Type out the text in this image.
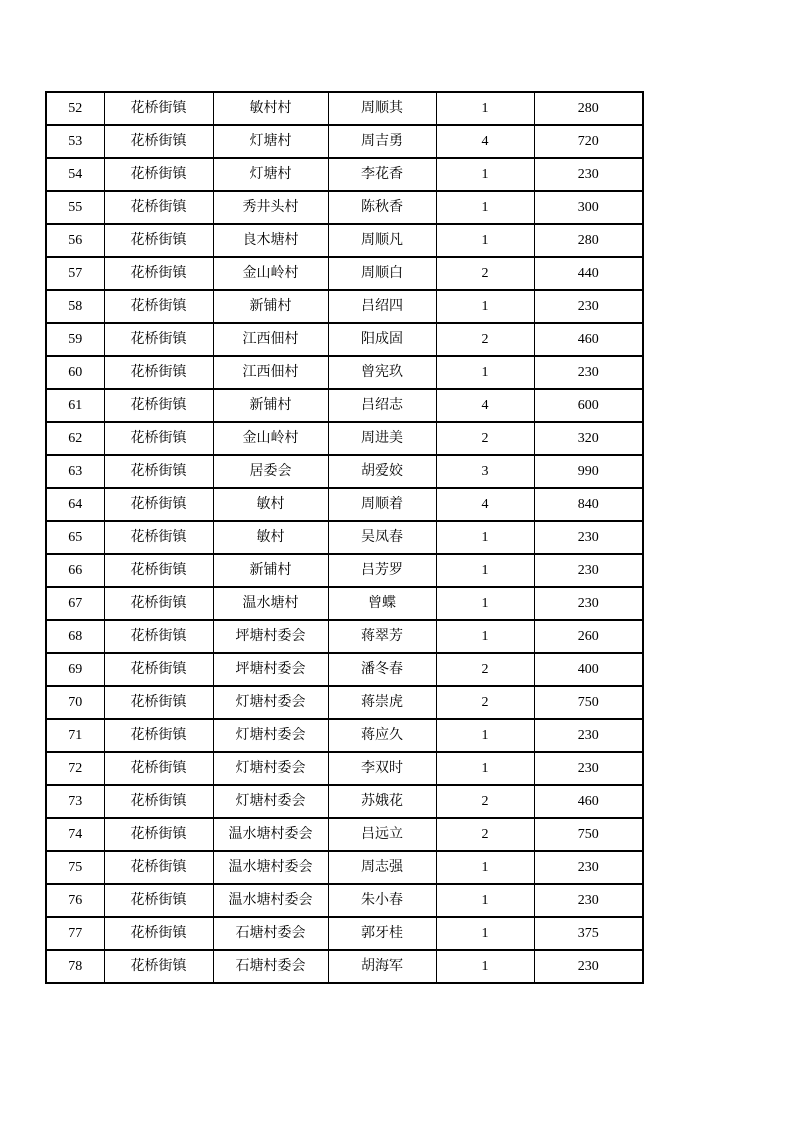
52	花桥街镇	敏村村	周顺其	1	280
53	花桥街镇	灯塘村	周吉勇	4	720
54	花桥街镇	灯塘村	李花香	1	230
55	花桥街镇	秀井头村	陈秋香	1	300
56	花桥街镇	良木塘村	周顺凡	1	280
57	花桥街镇	金山岭村	周顺白	2	440
58	花桥街镇	新铺村	吕绍四	1	230
59	花桥街镇	江西佃村	阳成固	2	460
60	花桥街镇	江西佃村	曾宪玖	1	230
61	花桥街镇	新铺村	吕绍志	4	600
62	花桥街镇	金山岭村	周进美	2	320
63	花桥街镇	居委会	胡爱姣	3	990
64	花桥街镇	敏村	周顺着	4	840
65	花桥街镇	敏村	吴凤春	1	230
66	花桥街镇	新铺村	吕芳罗	1	230
67	花桥街镇	温水塘村	曾蝶	1	230
68	花桥街镇	坪塘村委会	蒋翠芳	1	260
69	花桥街镇	坪塘村委会	潘冬春	2	400
70	花桥街镇	灯塘村委会	蒋崇虎	2	750
71	花桥街镇	灯塘村委会	蒋应久	1	230
72	花桥街镇	灯塘村委会	李双时	1	230
73	花桥街镇	灯塘村委会	苏娥花	2	460
74	花桥街镇	温水塘村委会	吕远立	2	750
75	花桥街镇	温水塘村委会	周志强	1	230
76	花桥街镇	温水塘村委会	朱小春	1	230
77	花桥街镇	石塘村委会	郭牙桂	1	375
78	花桥街镇	石塘村委会	胡海军	1	230
